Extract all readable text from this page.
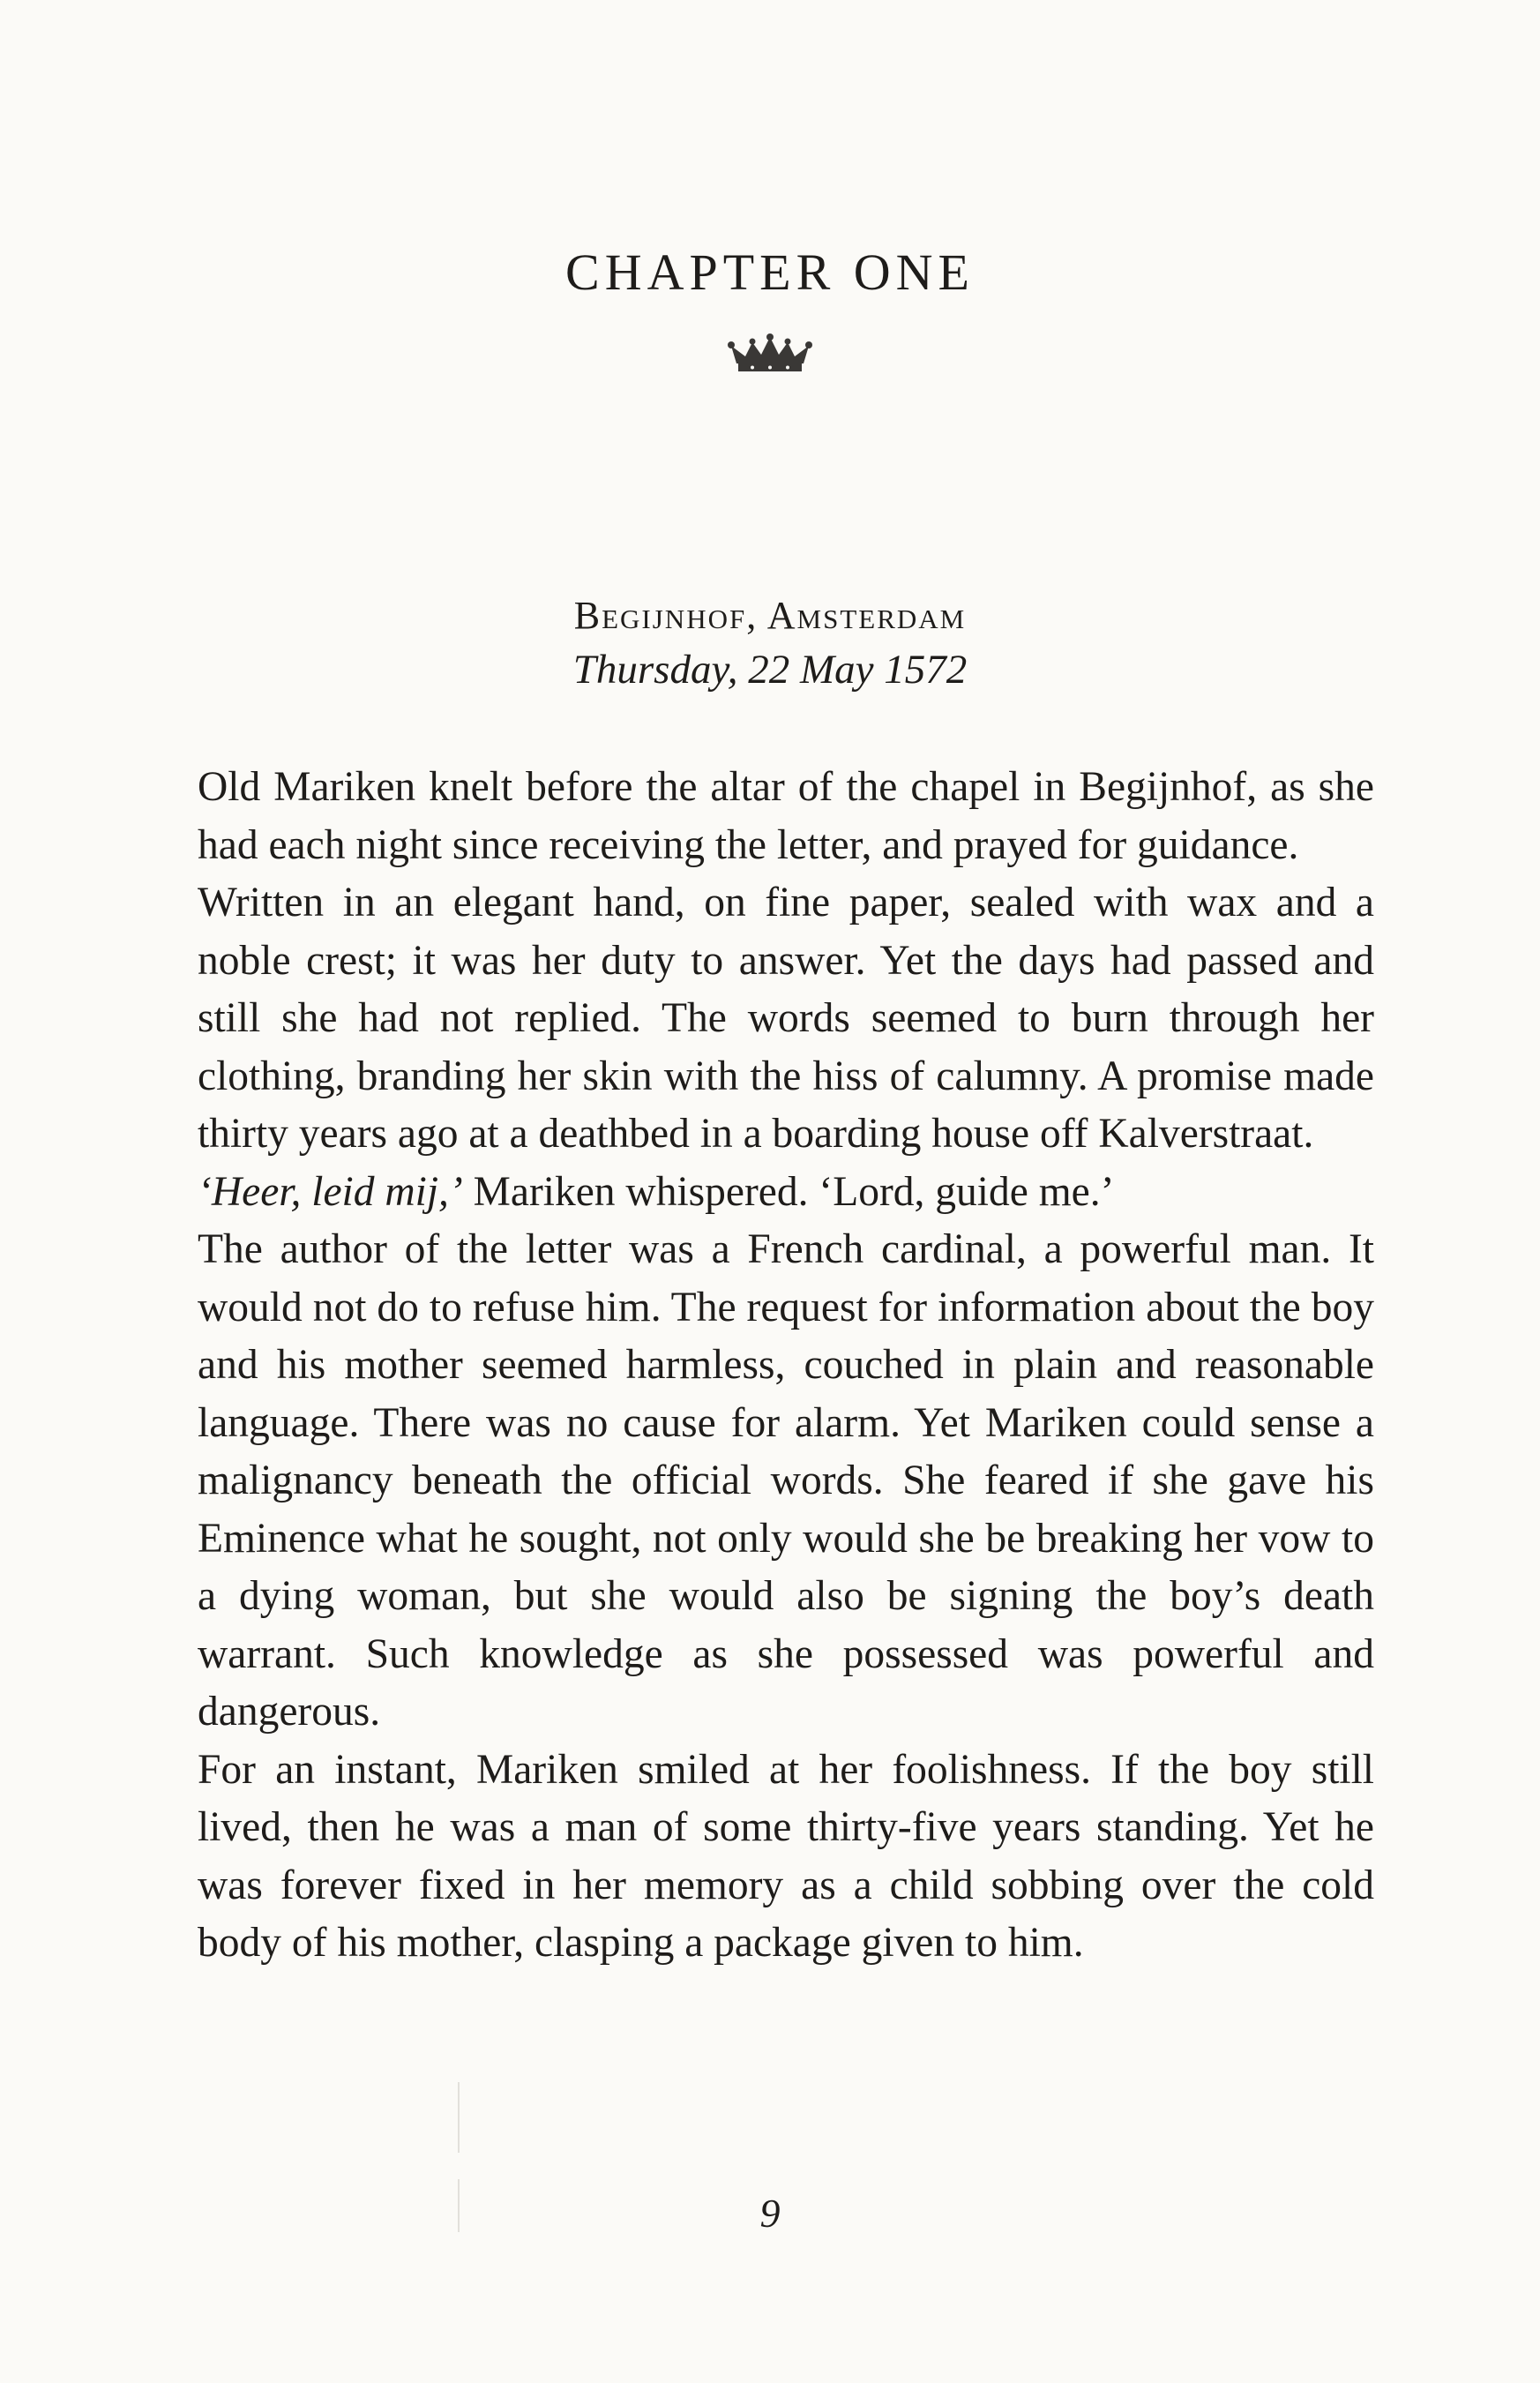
CHAPTER ONE
Begijnhof, Amsterdam
Thursday, 22 May 1572

Old Mariken knelt before the altar of the chapel in Begijnhof, as she had each night since receiving the letter, and prayed for guidance.

Written in an elegant hand, on fine paper, sealed with wax and a noble crest; it was her duty to answer. Yet the days had passed and still she had not replied. The words seemed to burn through her clothing, branding her skin with the hiss of calumny. A promise made thirty years ago at a deathbed in a boarding house off Kalverstraat.

‘Heer, leid mij,’ Mariken whispered. ‘Lord, guide me.’

The author of the letter was a French cardinal, a powerful man. It would not do to refuse him. The request for information about the boy and his mother seemed harmless, couched in plain and reasonable language. There was no cause for alarm. Yet Mariken could sense a malignancy beneath the official words. She feared if she gave his Eminence what he sought, not only would she be breaking her vow to a dying woman, but she would also be signing the boy’s death warrant. Such knowledge as she possessed was powerful and dangerous.

For an instant, Mariken smiled at her foolishness. If the boy still lived, then he was a man of some thirty-five years standing. Yet he was forever fixed in her memory as a child sobbing over the cold body of his mother, clasping a package given to him.

9
